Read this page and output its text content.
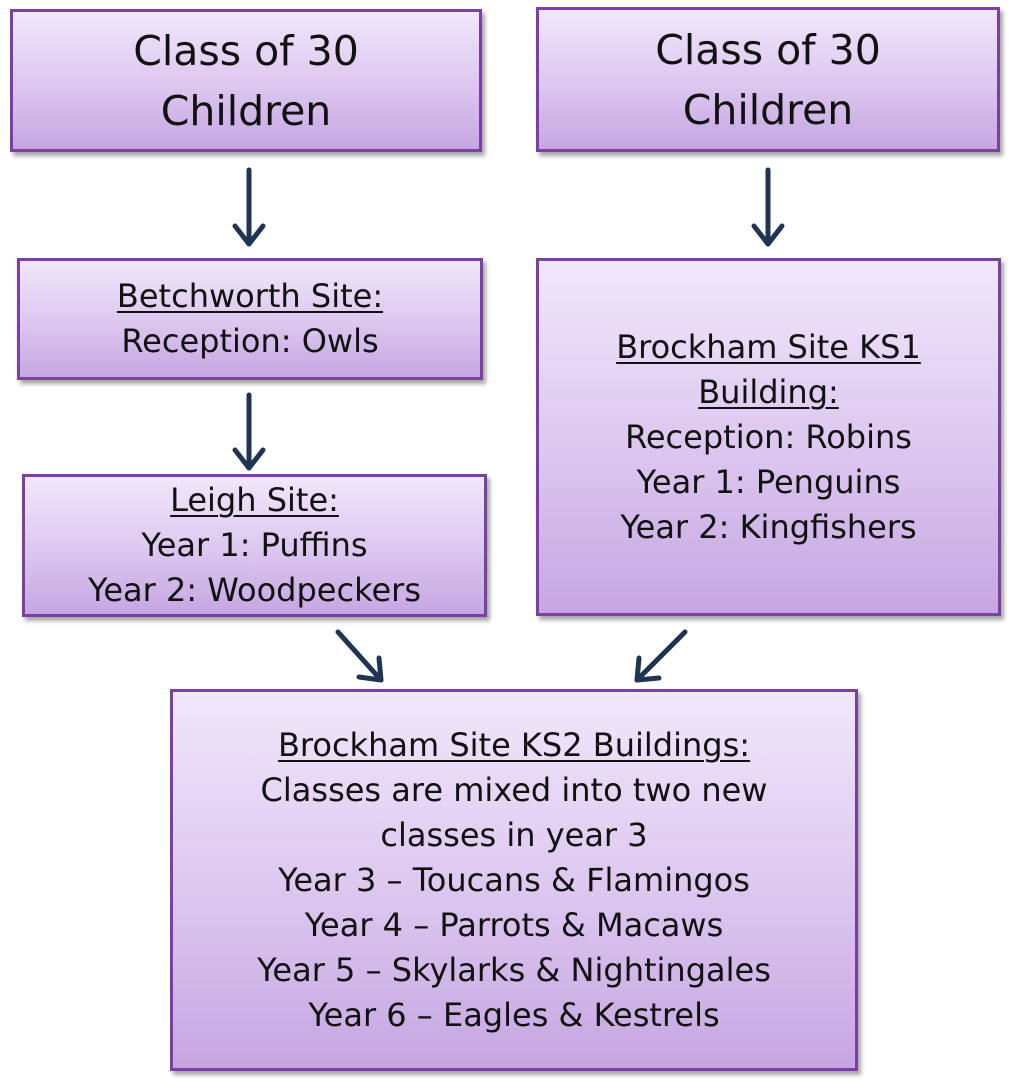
Class of 30
Children
Class of 30
Children
Betchworth Site:
Reception: Owls
Leigh Site:
Year 1: Puffins
Year 2: Woodpeckers
Brockham Site KS1
Building:
Reception: Robins
Year 1: Penguins
Year 2: Kingfishers
Brockham Site KS2 Buildings:
Classes are mixed into two new
classes in year 3
Year 3 – Toucans & Flamingos
Year 4 – Parrots & Macaws
Year 5 – Skylarks & Nightingales
Year 6 – Eagles & Kestrels
